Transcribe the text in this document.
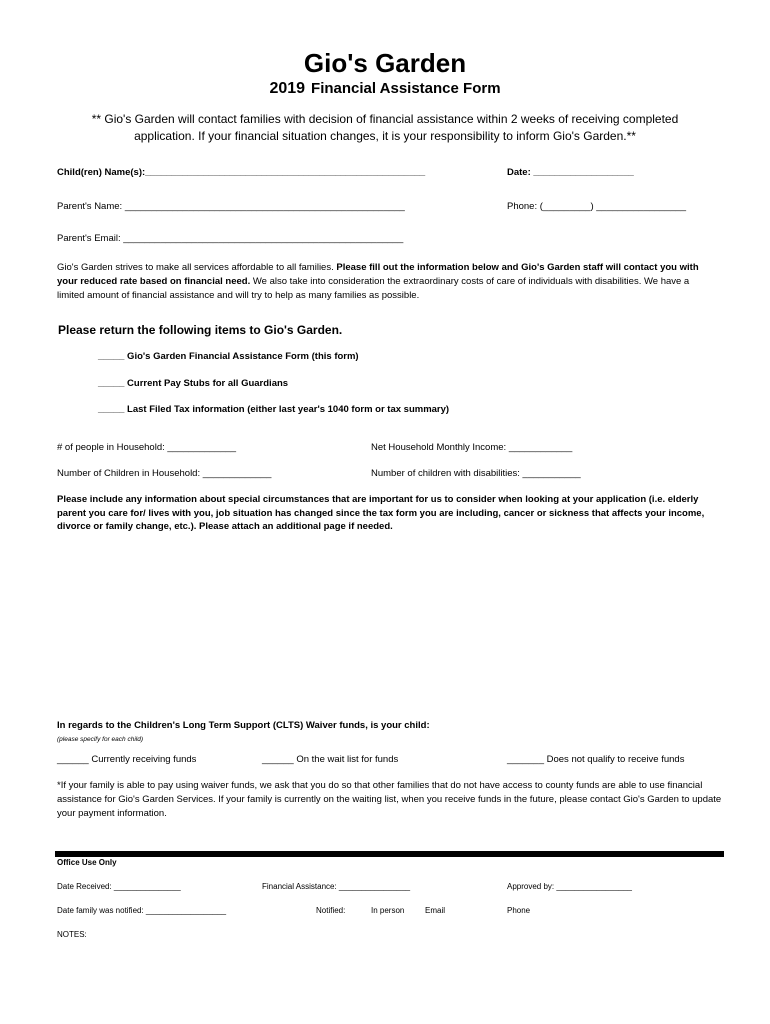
Gio's Garden
2019 Financial Assistance Form
** Gio's Garden will contact families with decision of financial assistance within 2 weeks of receiving completed application. If your financial situation changes, it is your responsibility to inform Gio's Garden.**
Child(ren) Name(s):_____________________________________________________	Date: ___________________
Parent's Name: _____________________________________________________	Phone: (_________) _________________
Parent's Email: _____________________________________________________
Gio's Garden strives to make all services affordable to all families. Please fill out the information below and Gio's Garden staff will contact you with your reduced rate based on financial need. We also take into consideration the extraordinary costs of care of individuals with disabilities. We have a limited amount of financial assistance and will try to help as many families as possible.
Please return the following items to Gio's Garden.
_____ Gio's Garden Financial Assistance Form (this form)
_____ Current Pay Stubs for all Guardians
_____ Last Filed Tax information (either last year's 1040 form or tax summary)
# of people in Household: _____________	Net Household Monthly Income: ____________
Number of Children in Household: _____________	Number of children with disabilities: ___________
Please include any information about special circumstances that are important for us to consider when looking at your application (i.e. elderly parent you care for/ lives with you, job situation has changed since the tax form you are including, cancer or sickness that affects your income, divorce or family change, etc.). Please attach an additional page if needed.
In regards to the Children's Long Term Support (CLTS) Waiver funds, is your child:
(please specify for each child)
______ Currently receiving funds	______ On the wait list for funds	_______ Does not qualify to receive funds
*If your family is able to pay using waiver funds, we ask that you do so that other families that do not have access to county funds are able to use financial assistance for Gio's Garden Services. If your family is currently on the waiting list, when you receive funds in the future, please contact Gio's Garden to update your payment information.
Office Use Only
Date Received: _______________	Financial Assistance: ________________	Approved by: _________________
Date family was notified: __________________	Notified:	In person	Email	Phone
NOTES:
